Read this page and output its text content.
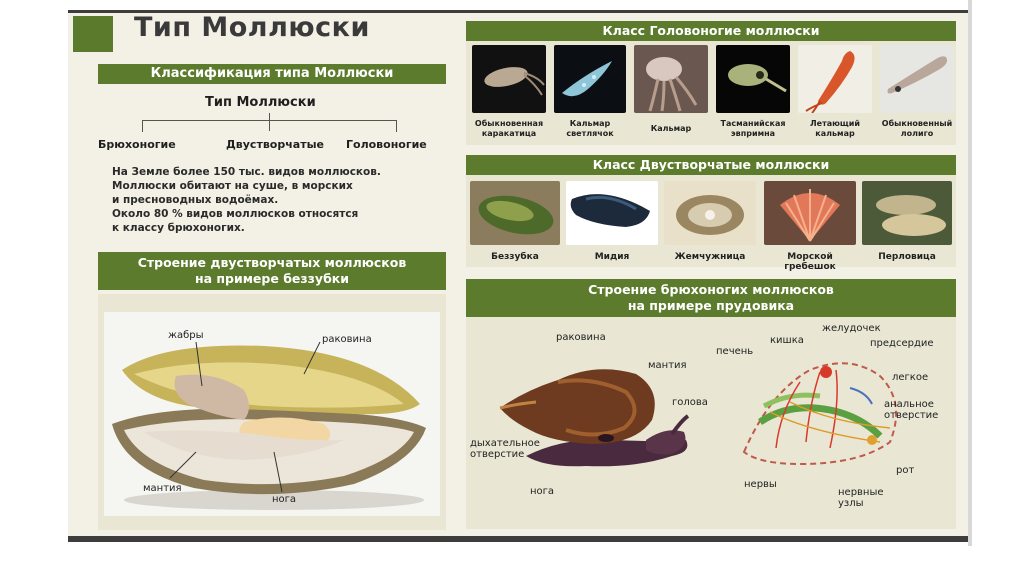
Тип Моллюски
Классификация типа Моллюски
Тип Моллюски
Брюхоногие	Двустворчатые Головоногие
На Земле более 150 тыс. видов моллюсков.
Моллюски обитают на суше, в морских
и пресноводных водоёмах.
Около 80 % видов моллюсков относятся
к классу брюхоногих.
Строение двустворчатых моллюсков
на примере беззубки
жабры	раковина
мантия
нога
Класс Головоногие моллюски
Обыкновенная
каракатица
Кальмар
светлячок
Кальмар
Тасманийская
эвпримна
Летающий
кальмар
Обыкновенный
лолиго
Класс Двустворчатые моллюски
Беззубка	Мидия	Жемчужница	Морской гребешок
Перловица
Строение брюхоногих моллюсков
на примере прудовика
раковина
мантия
голова
дыхательное
отверстие
нога
желудочек
кишка
печень
предсердие
легкое
анальное
отверстие
рот
нервы
нервные
узлы
